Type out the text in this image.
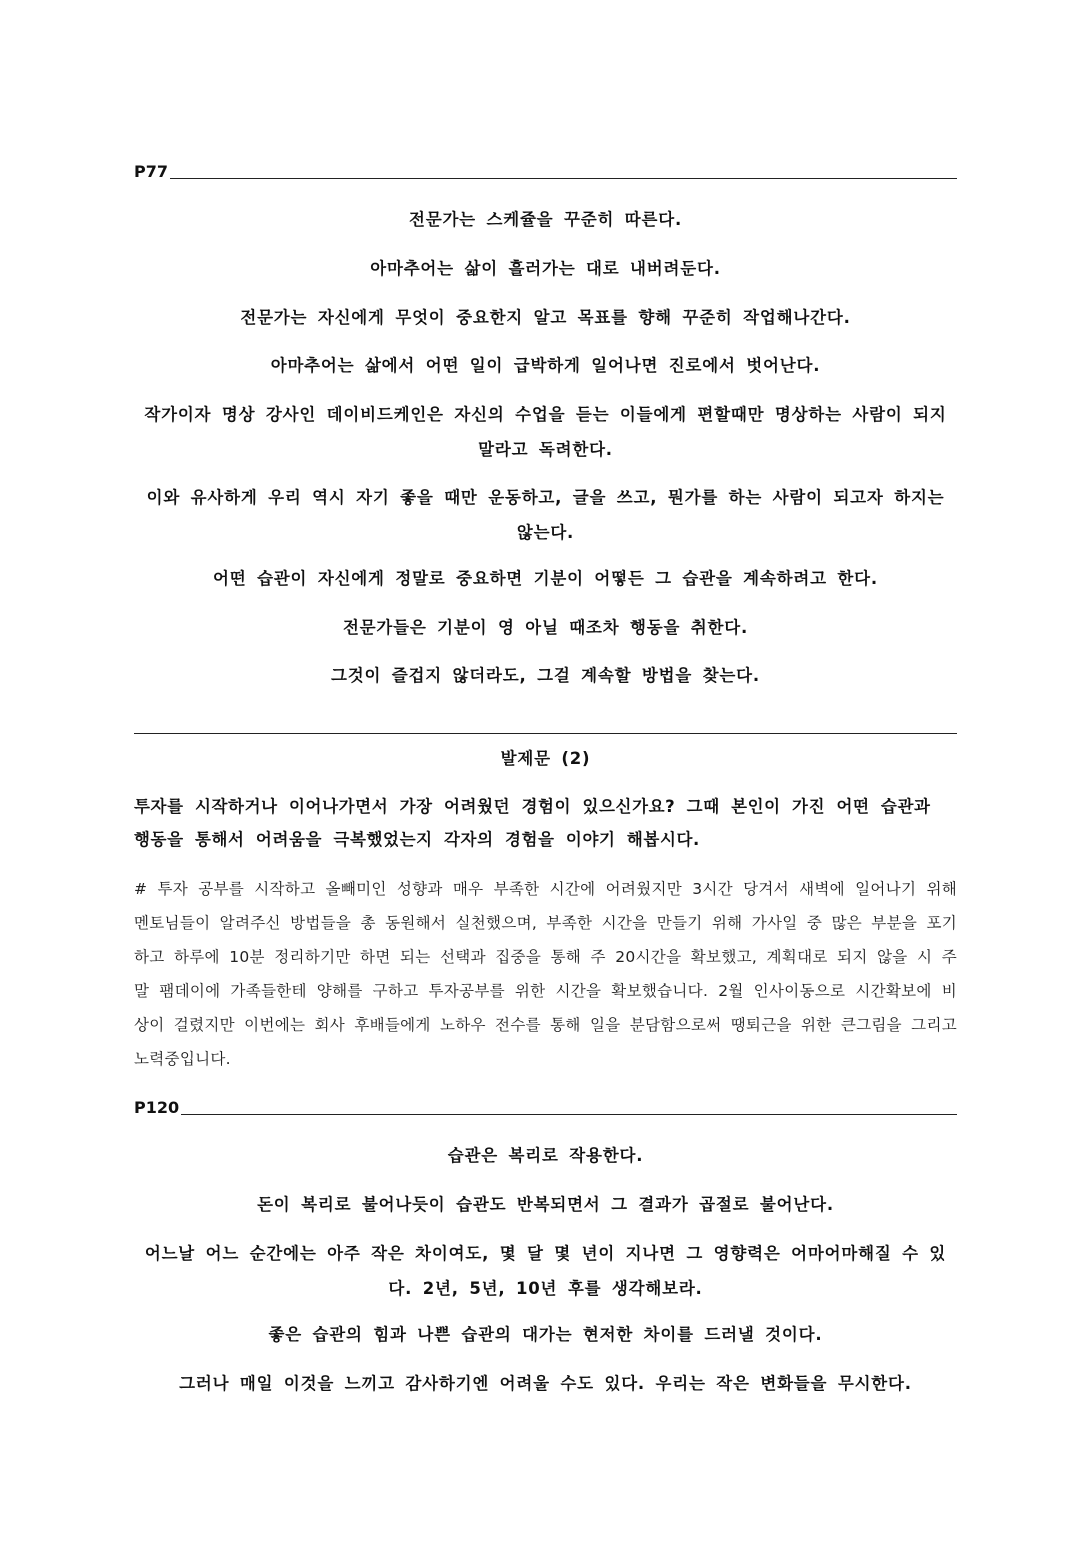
P77
전문가는 스케쥴을 꾸준히 따른다.
아마추어는 삶이 흘러가는 대로 내버려둔다.
전문가는 자신에게 무엇이 중요한지 알고 목표를 향해 꾸준히 작업해나간다.
아마추어는 삶에서 어떤 일이 급박하게 일어나면 진로에서 벗어난다.
작가이자 명상 강사인 데이비드케인은 자신의 수업을 듣는 이들에게 편할때만 명상하는 사람이 되지 말라고 독려한다.
이와 유사하게 우리 역시 자기 좋을 때만 운동하고, 글을 쓰고, 뭔가를 하는 사람이 되고자 하지는 않는다.
어떤 습관이 자신에게 정말로 중요하면 기분이 어떻든 그 습관을 계속하려고 한다.
전문가들은 기분이 영 아닐 때조차 행동을 취한다.
그것이 즐겁지 않더라도, 그걸 계속할 방법을 찾는다.
발제문 (2)
투자를 시작하거나 이어나가면서 가장 어려웠던 경험이 있으신가요? 그때 본인이 가진 어떤 습관과 행동을 통해서 어려움을 극복했었는지 각자의 경험을 이야기 해봅시다.
# 투자 공부를 시작하고 올빼미인 성향과 매우 부족한 시간에 어려웠지만 3시간 당겨서 새벽에 일어나기 위해 멘토님들이 알려주신 방법들을 총 동원해서 실천했으며, 부족한 시간을 만들기 위해 가사일 중 많은 부분을 포기하고 하루에 10분 정리하기만 하면 되는 선택과 집중을 통해 주 20시간을 확보했고, 계획대로 되지 않을 시 주말 팸데이에 가족들한테 양해를 구하고 투자공부를 위한 시간을 확보했습니다. 2월 인사이동으로 시간확보에 비상이 걸렸지만 이번에는 회사 후배들에게 노하우 전수를 통해 일을 분담함으로써 땡퇴근을 위한 큰그림을 그리고 노력중입니다.
P120
습관은 복리로 작용한다.
돈이 복리로 불어나듯이 습관도 반복되면서 그 결과가 곱절로 불어난다.
어느날 어느 순간에는 아주 작은 차이여도, 몇 달 몇 년이 지나면 그 영향력은 어마어마해질 수 있다. 2년, 5년, 10년 후를 생각해보라.
좋은 습관의 힘과 나쁜 습관의 대가는 현저한 차이를 드러낼 것이다.
그러나 매일 이것을 느끼고 감사하기엔 어려울 수도 있다. 우리는 작은 변화들을 무시한다.
